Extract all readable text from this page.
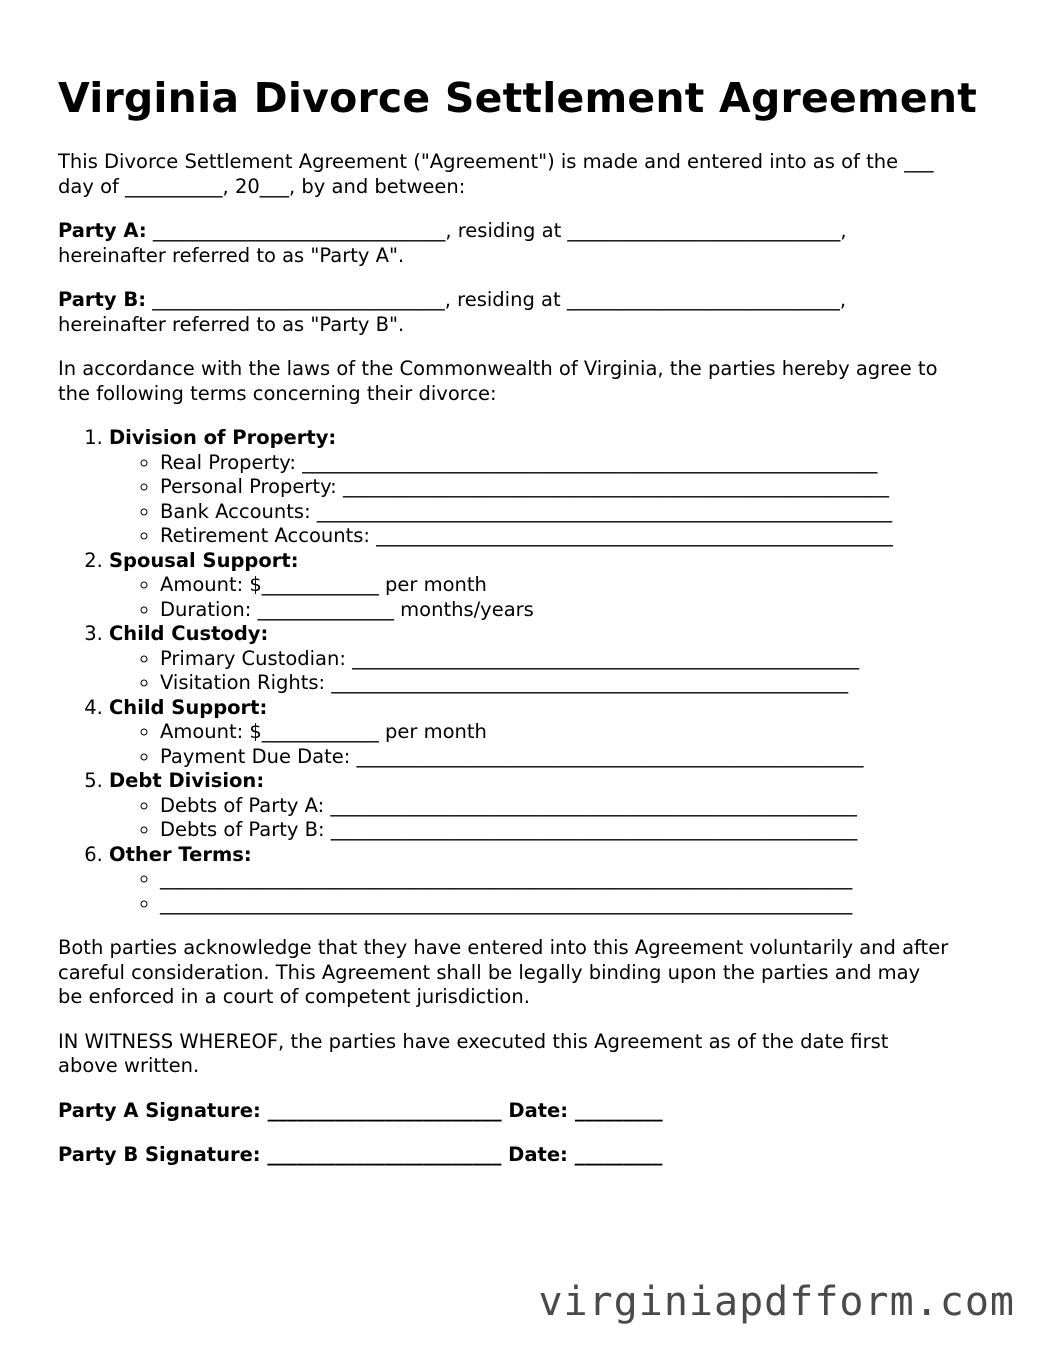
Virginia Divorce Settlement Agreement

This Divorce Settlement Agreement ("Agreement") is made and entered into as of the ___
day of __________, 20___, by and between:

Party A: ______________________________, residing at ____________________________,
hereinafter referred to as "Party A".

Party B: ______________________________, residing at ____________________________,
hereinafter referred to as "Party B".

In accordance with the laws of the Commonwealth of Virginia, the parties hereby agree to
the following terms concerning their divorce:

1. Division of Property:
◦ Real Property: ___________________________________________________________
◦ Personal Property: ________________________________________________________
◦ Bank Accounts: ___________________________________________________________
◦ Retirement Accounts: _____________________________________________________
2. Spousal Support:
◦ Amount: $____________ per month
◦ Duration: ______________ months/years
3. Child Custody:
◦ Primary Custodian: ____________________________________________________
◦ Visitation Rights: _____________________________________________________
4. Child Support:
◦ Amount: $____________ per month
◦ Payment Due Date: ____________________________________________________
5. Debt Division:
◦ Debts of Party A: ______________________________________________________
◦ Debts of Party B: ______________________________________________________
6. Other Terms:
◦ _______________________________________________________________________
◦ _______________________________________________________________________

Both parties acknowledge that they have entered into this Agreement voluntarily and after
careful consideration. This Agreement shall be legally binding upon the parties and may
be enforced in a court of competent jurisdiction.

IN WITNESS WHEREOF, the parties have executed this Agreement as of the date first
above written.

Party A Signature: ________________________ Date: _________

Party B Signature: ________________________ Date: _________

virginiapdfform.com
